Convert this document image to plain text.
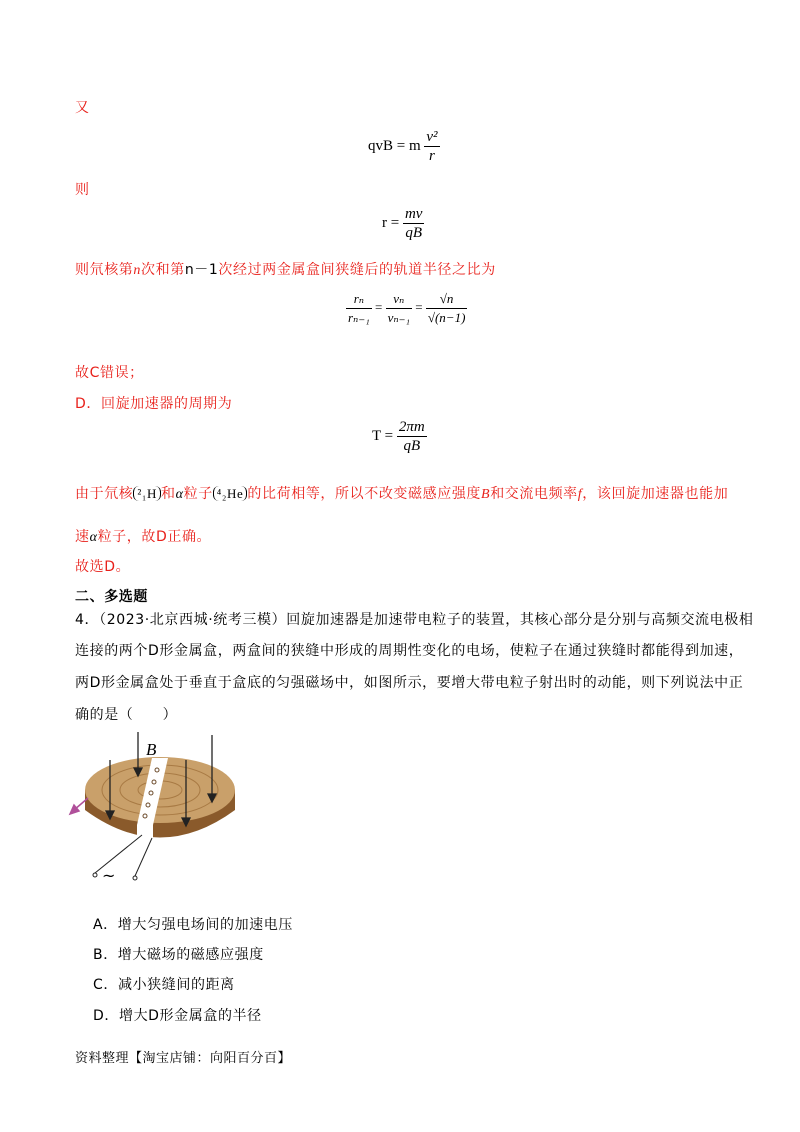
又
qvB = m $\frac{\text{v²}}{r}$
则
$r = \frac{mv}{qB}$
则氘核第n次和第n－1次经过两金属盒间狭缝后的轨道半径之比为
$\frac{\text{rₙ}}{\text{rₙ₋₁}} = \frac{\text{vₙ}}{\text{vₙ₋₁}} = \frac{√n}{√(n-1)}$
故C错误；
D．回旋加速器的周期为
$T = \frac{2\pi m}{qB}$
由于氘核 ²₁H 和α粒子 ⁴₂He 的比荷相等，所以不改变磁感应强度B和交流电频率f，该回旋加速器也能加
速α粒子，故D正确。
故选D。
二、多选题
4．（2023·北京西城·统考三模）回旋加速器是加速带电粒子的装置，其核心部分是分别与高频交流电极相
连接的两个D形金属盒，两盒间的狭缝中形成的周期性变化的电场，使粒子在通过狭缝时都能得到加速，
两D形金属盒处于垂直于盒底的匀强磁场中，如图所示，要增大带电粒子射出时的动能，则下列说法中正
确的是（　　）
B
~
A．增大匀强电场间的加速电压
B．增大磁场的磁感应强度
C．减小狭缝间的距离
D．增大D形金属盒的半径
资料整理【淘宝店铺：向阳百分百】
